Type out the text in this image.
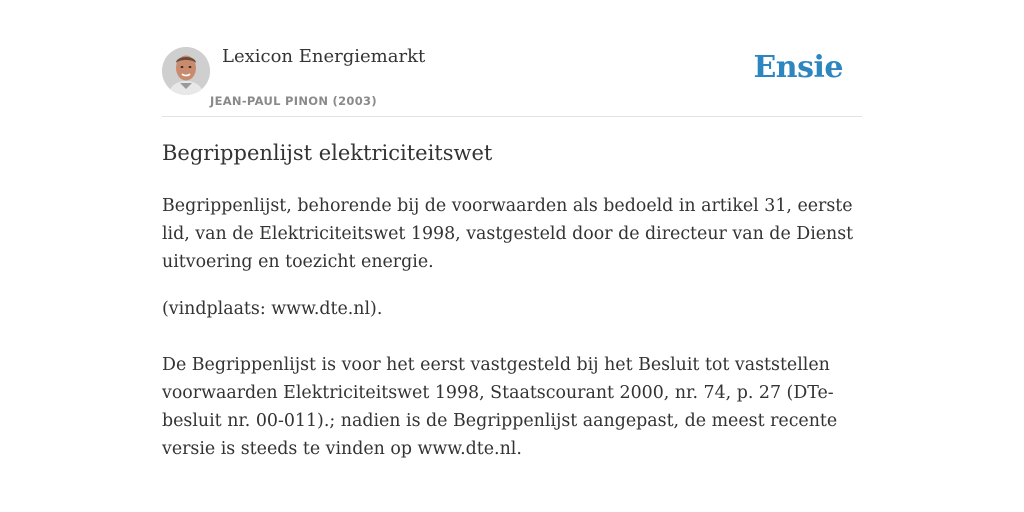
Lexicon Energiemarkt
JEAN-PAUL PINON (2003)
Ensie
Begrippenlijst elektriciteitswet
Begrippenlijst, behorende bij de voorwaarden als bedoeld in artikel 31, eerste lid, van de Elektriciteitswet 1998, vastgesteld door de directeur van de Dienst uitvoering en toezicht energie.
(vindplaats: www.dte.nl).
De Begrippenlijst is voor het eerst vastgesteld bij het Besluit tot vaststellen voorwaarden Elektriciteitswet 1998, Staatscourant 2000, nr. 74, p. 27 (DTe-besluit nr. 00-011).; nadien is de Begrippenlijst aangepast, de meest recente versie is steeds te vinden op www.dte.nl.
